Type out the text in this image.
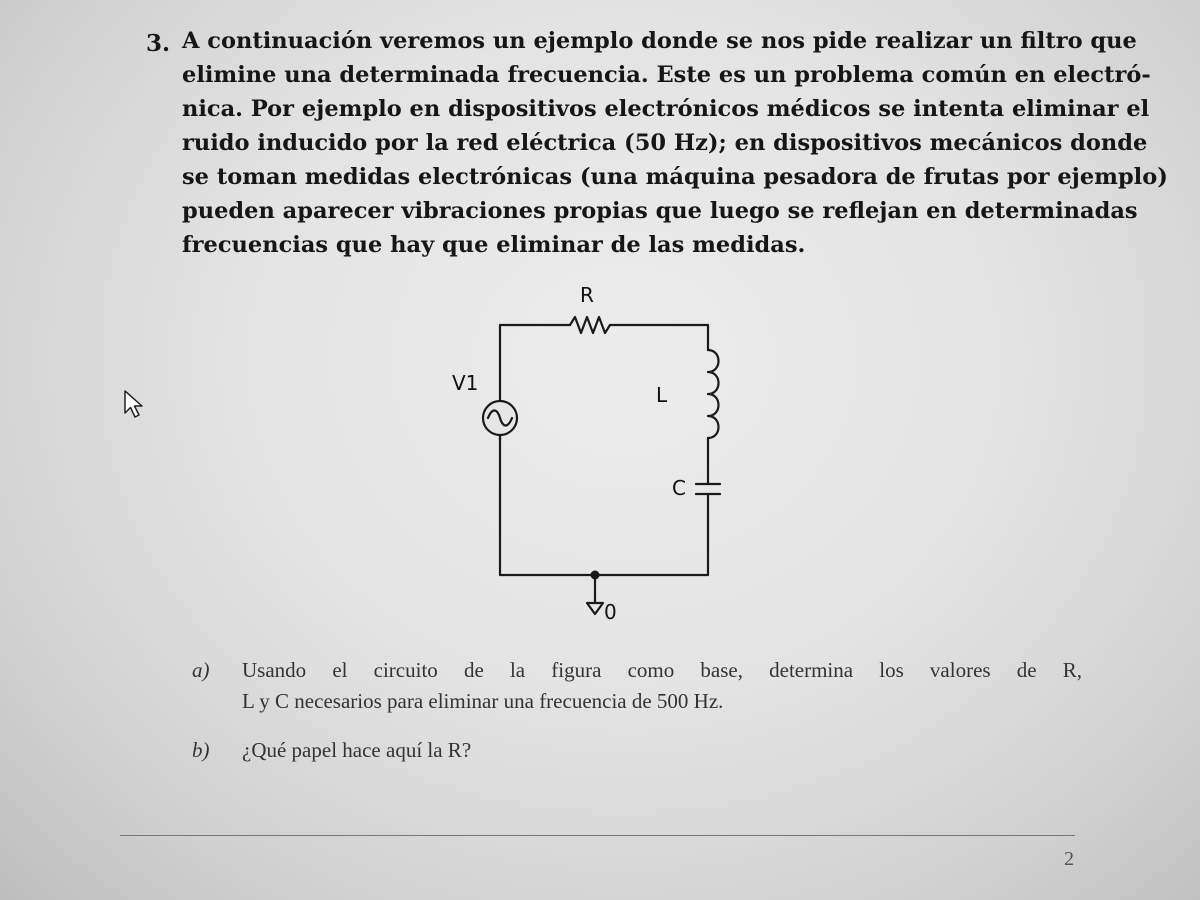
3. A continuación veremos un ejemplo donde se nos pide realizar un filtro que
elimine una determinada frecuencia. Este es un problema común en electró-
nica. Por ejemplo en dispositivos electrónicos médicos se intenta eliminar el
ruido inducido por la red eléctrica (50 Hz); en dispositivos mecánicos donde
se toman medidas electrónicas (una máquina pesadora de frutas por ejemplo)
pueden aparecer vibraciones propias que luego se reflejan en determinadas
frecuencias que hay que eliminar de las medidas.
R
V1	L
C
0
a) Usando el circuito de la figura como base, determina los valores de R,
L y C necesarios para eliminar una frecuencia de 500 Hz.
b) ¿Qué papel hace aquí la R?
2
